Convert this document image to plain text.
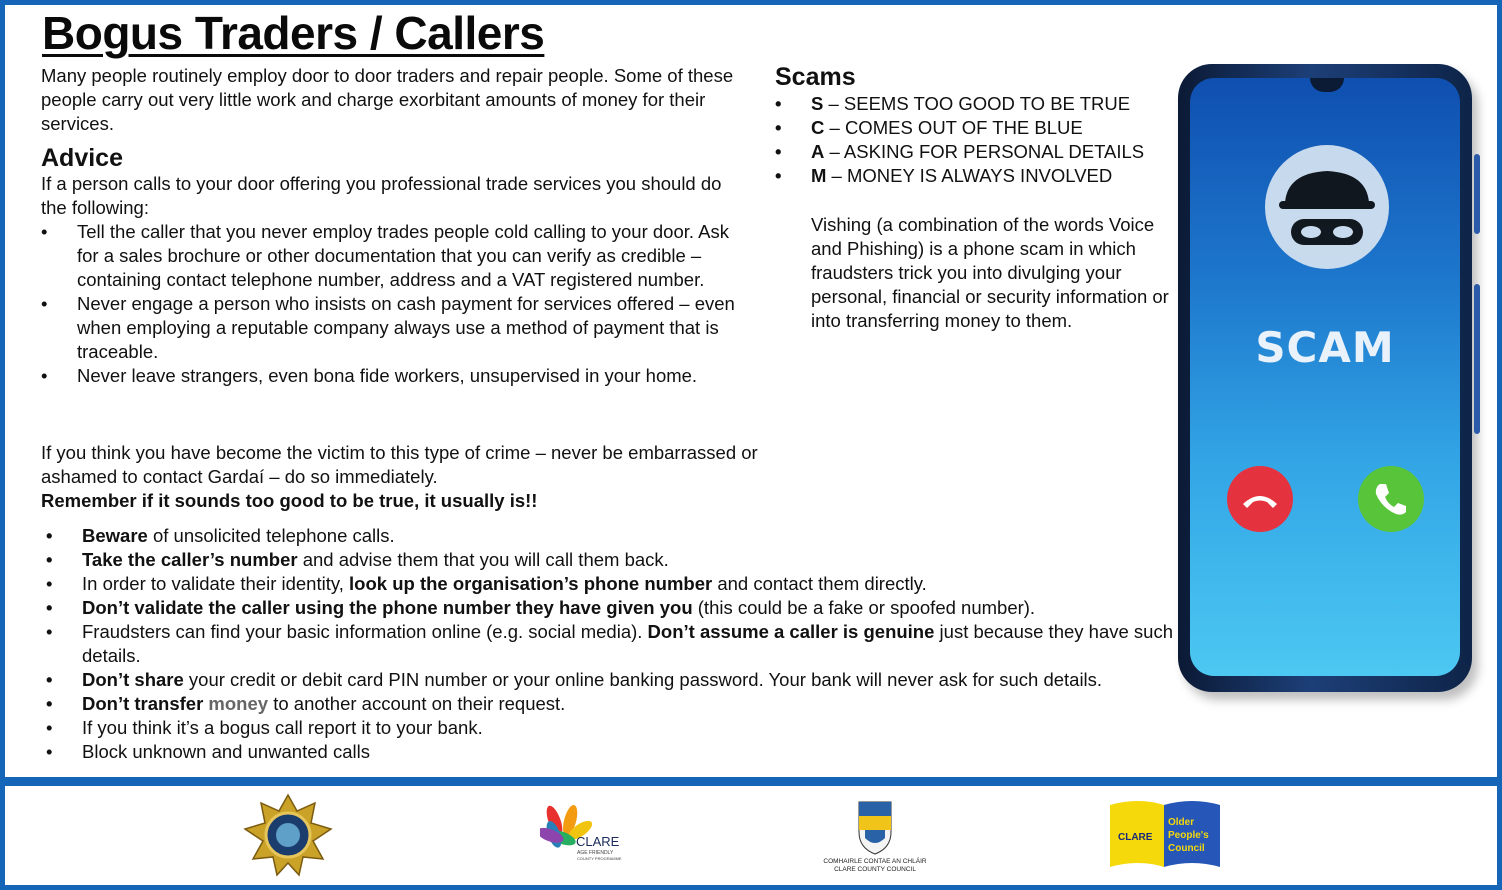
Bogus Traders / Callers

Many people routinely employ door to door traders and repair people. Some of these people carry out very little work and charge exorbitant amounts of money for their services.

Advice

If a person calls to your door offering you professional trade services you should do the following:

• Tell the caller that you never employ trades people cold calling to your door. Ask for a sales brochure or other documentation that you can verify as credible – containing contact telephone number, address and a VAT registered number.
• Never engage a person who insists on cash payment for services offered – even when employing a reputable company always use a method of payment that is traceable.
• Never leave strangers, even bona fide workers, unsupervised in your home.

If you think you have become the victim to this type of crime – never be embarrassed or ashamed to contact Gardaí – do so immediately.

Remember if it sounds too good to be true, it usually is!!

Scams
• S – SEEMS TOO GOOD TO BE TRUE
• C – COMES OUT OF THE BLUE
• A – ASKING FOR PERSONAL DETAILS
• M – MONEY IS ALWAYS INVOLVED

Vishing (a combination of the words Voice and Phishing) is a phone scam in which fraudsters trick you into divulging your personal, financial or security information or into transferring money to them.

• Beware of unsolicited telephone calls.
• Take the caller’s number and advise them that you will call them back.
• In order to validate their identity, look up the organisation’s phone number and contact them directly.
• Don’t validate the caller using the phone number they have given you (this could be a fake or spoofed number).
• Fraudsters can find your basic information online (e.g. social media). Don’t assume a caller is genuine just because they have such details.
• Don’t share your credit or debit card PIN number or your online banking password. Your bank will never ask for such details.
• Don’t transfer money to another account on their request.
• If you think it’s a bogus call report it to your bank.
• Block unknown and unwanted calls
SCAM
CLARE
AGE FRIENDLY
COUNTY PROGRAMME	COMHAIRLE CONTAE AN CHLÁIR
CLARE COUNTY COUNCIL
CLARE
Older
People's
Council
